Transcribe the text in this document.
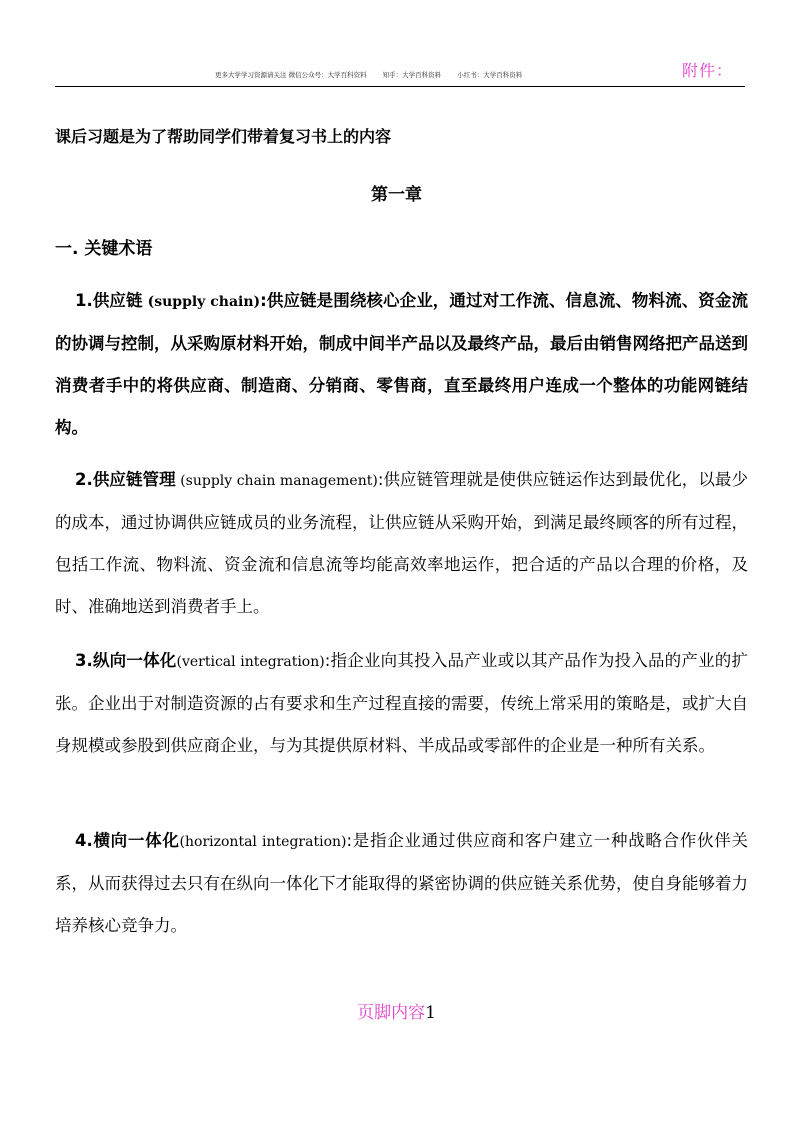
更多大学学习资源请关注 微信公众号：大学百科资料 知乎：大学百科资料 小红书：大学百科资料	附件：
课后习题是为了帮助同学们带着复习书上的内容
第一章
一. 关键术语
1.供应链 (supply chain):供应链是围绕核心企业，通过对工作流、信息流、物料流、资金流的协调与控制，从采购原材料开始，制成中间半产品以及最终产品，最后由销售网络把产品送到消费者手中的将供应商、制造商、分销商、零售商，直至最终用户连成一个整体的功能网链结构。
2.供应链管理 (supply chain management):供应链管理就是使供应链运作达到最优化，以最少的成本，通过协调供应链成员的业务流程，让供应链从采购开始，到满足最终顾客的所有过程，包括工作流、物料流、资金流和信息流等均能高效率地运作，把合适的产品以合理的价格，及时、准确地送到消费者手上。
3.纵向一体化(vertical integration):指企业向其投入品产业或以其产品作为投入品的产业的扩张。企业出于对制造资源的占有要求和生产过程直接的需要，传统上常采用的策略是，或扩大自身规模或参股到供应商企业，与为其提供原材料、半成品或零部件的企业是一种所有关系。
4.横向一体化(horizontal integration):是指企业通过供应商和客户建立一种战略合作伙伴关系，从而获得过去只有在纵向一体化下才能取得的紧密协调的供应链关系优势，使自身能够着力培养核心竞争力。
页脚内容1
